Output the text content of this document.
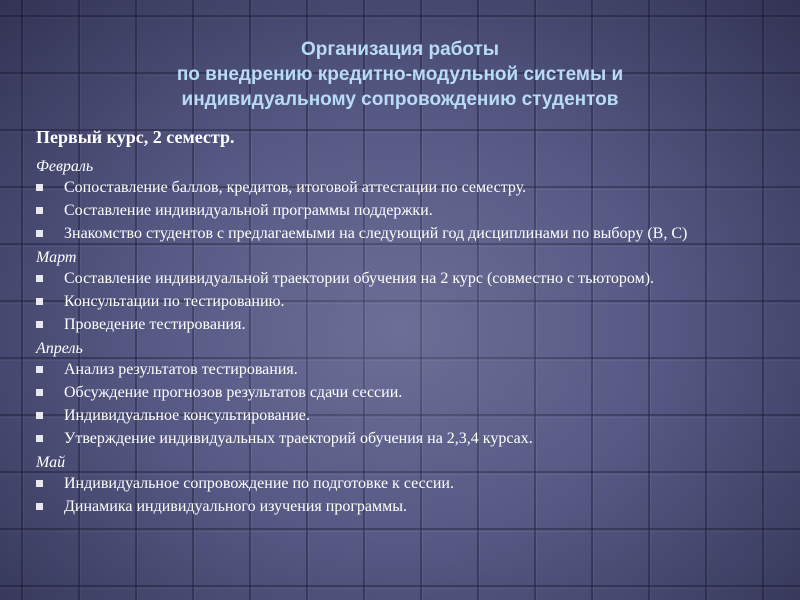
Организация работы
по внедрению кредитно-модульной системы и
индивидуальному сопровождению студентов
Первый курс, 2 семестр.
Февраль
Сопоставление баллов, кредитов, итоговой аттестации по семестру.
Составление индивидуальной программы поддержки.
Знакомство студентов с предлагаемыми на следующий год дисциплинами по выбору (В, С)
Март
Составление индивидуальной траектории обучения на 2 курс (совместно с тьютором).
Консультации по тестированию.
Проведение тестирования.
Апрель
Анализ результатов тестирования.
Обсуждение прогнозов результатов сдачи сессии.
Индивидуальное консультирование.
Утверждение индивидуальных траекторий обучения на 2,3,4 курсах.
Май
Индивидуальное сопровождение по подготовке к сессии.
Динамика индивидуального изучения программы.
